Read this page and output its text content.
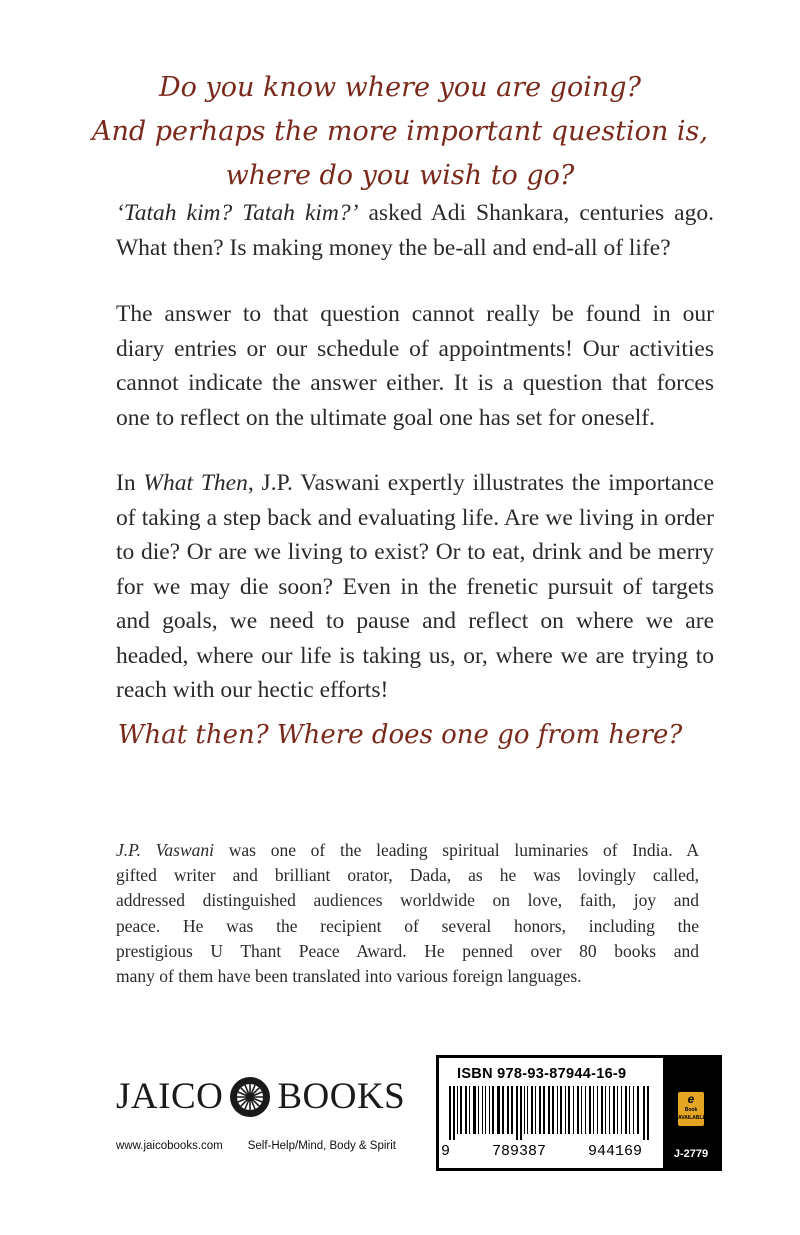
Do you know where you are going?
And perhaps the more important question is,
where do you wish to go?
‘Tatah kim? Tatah kim?’ asked Adi Shankara, centuries ago.
What then? Is making money the be-all and end-all of life?
The answer to that question cannot really be found in our
diary entries or our schedule of appointments! Our activities
cannot indicate the answer either. It is a question that forces
one to reflect on the ultimate goal one has set for oneself.
In What Then, J.P. Vaswani expertly illustrates the importance
of taking a step back and evaluating life. Are we living in order
to die? Or are we living to exist? Or to eat, drink and be merry
for we may die soon? Even in the frenetic pursuit of targets
and goals, we need to pause and reflect on where we are
headed, where our life is taking us, or, where we are trying to
reach with our hectic efforts!
What then? Where does one go from here?
J.P. Vaswani was one of the leading spiritual luminaries of India. A
gifted writer and brilliant orator, Dada, as he was lovingly called,
addressed distinguished audiences worldwide on love, faith, joy and
peace. He was the recipient of several honors, including the
prestigious U Thant Peace Award. He penned over 80 books and
many of them have been translated into various foreign languages.
JAICO BOOKS
www.jaicobooks.com Self-Help/Mind, Body & Spirit
ISBN 978-93-87944-16-9
9	789387	944169
e
Book
AVAILABLE
J-2779
